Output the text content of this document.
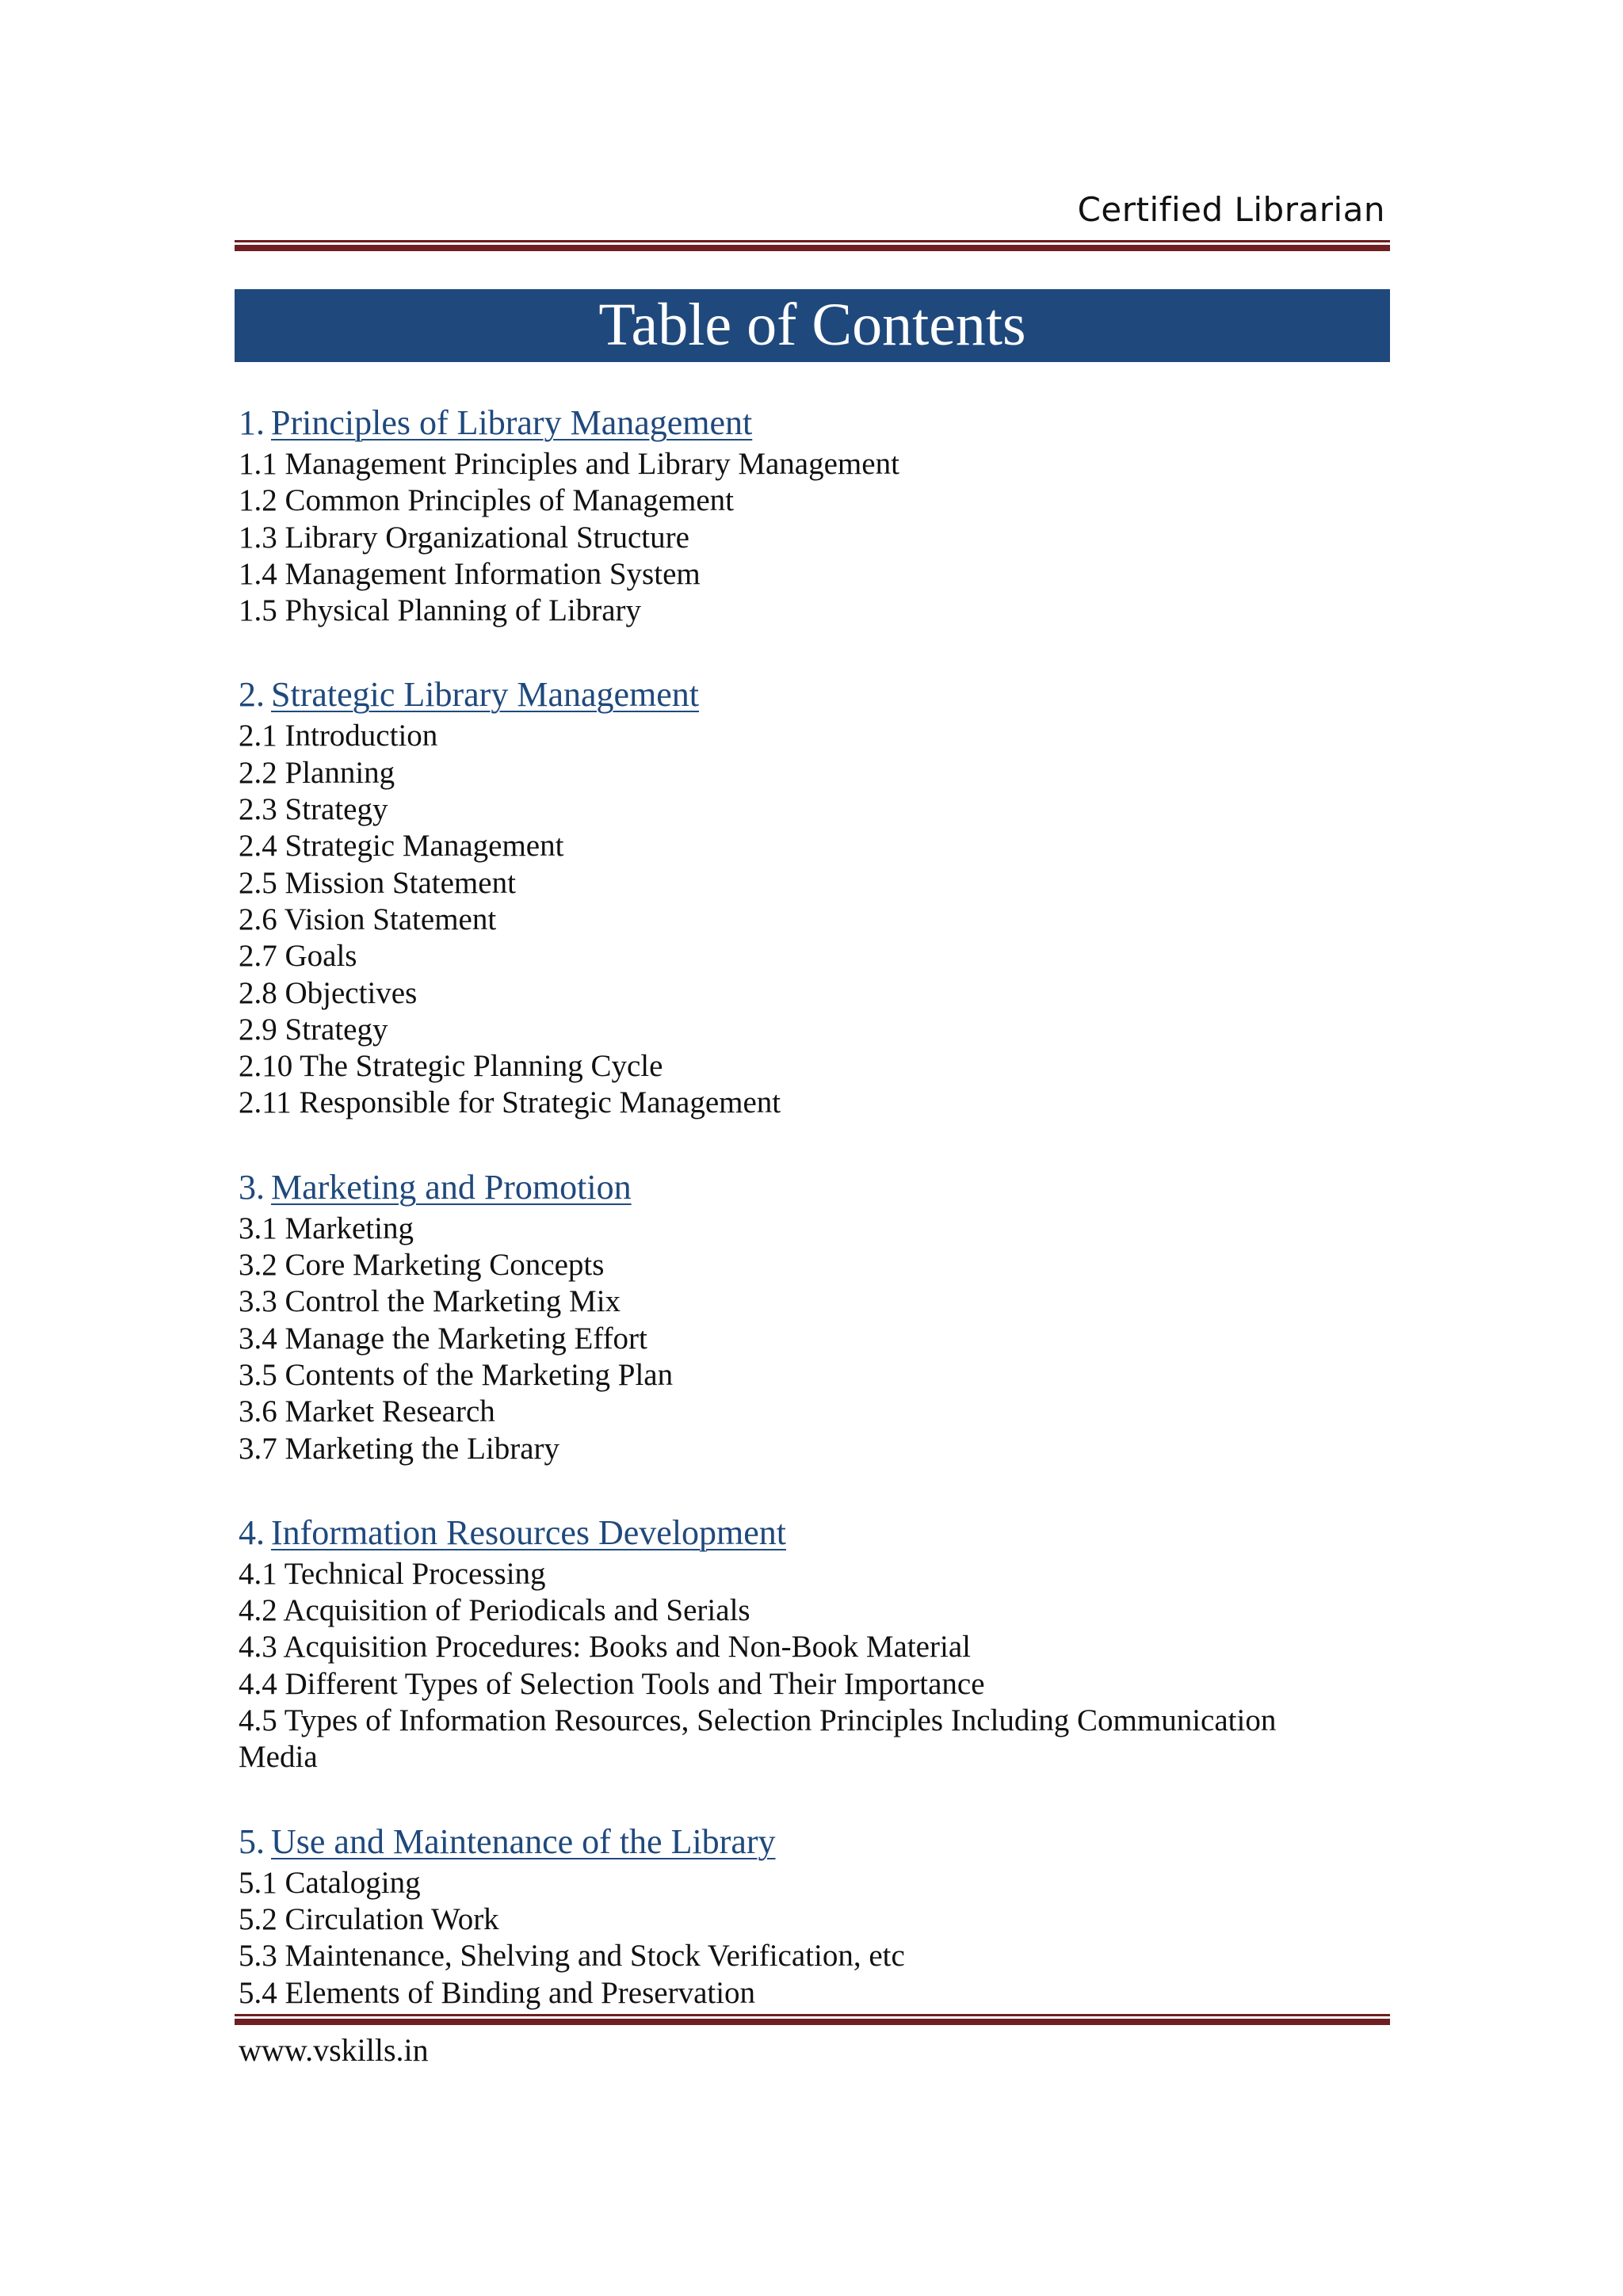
Certified Librarian
Table of Contents

1. Principles of Library Management

1.1 Management Principles and Library Management

1.2 Common Principles of Management

1.3 Library Organizational Structure

1.4 Management Information System

1.5 Physical Planning of Library

2. Strategic Library Management

2.1 Introduction

2.2 Planning

2.3 Strategy

2.4 Strategic Management

2.5 Mission Statement

2.6 Vision Statement

2.7 Goals

2.8 Objectives

2.9 Strategy

2.10 The Strategic Planning Cycle

2.11 Responsible for Strategic Management

3. Marketing and Promotion

3.1 Marketing

3.2 Core Marketing Concepts

3.3 Control the Marketing Mix

3.4 Manage the Marketing Effort

3.5 Contents of the Marketing Plan

3.6 Market Research

3.7 Marketing the Library

4. Information Resources Development

4.1 Technical Processing

4.2 Acquisition of Periodicals and Serials

4.3 Acquisition Procedures: Books and Non-Book Material

4.4 Different Types of Selection Tools and Their Importance

4.5 Types of Information Resources, Selection Principles Including Communication Media

5. Use and Maintenance of the Library

5.1 Cataloging

5.2 Circulation Work

5.3 Maintenance, Shelving and Stock Verification, etc

5.4 Elements of Binding and Preservation

www.vskills.in
